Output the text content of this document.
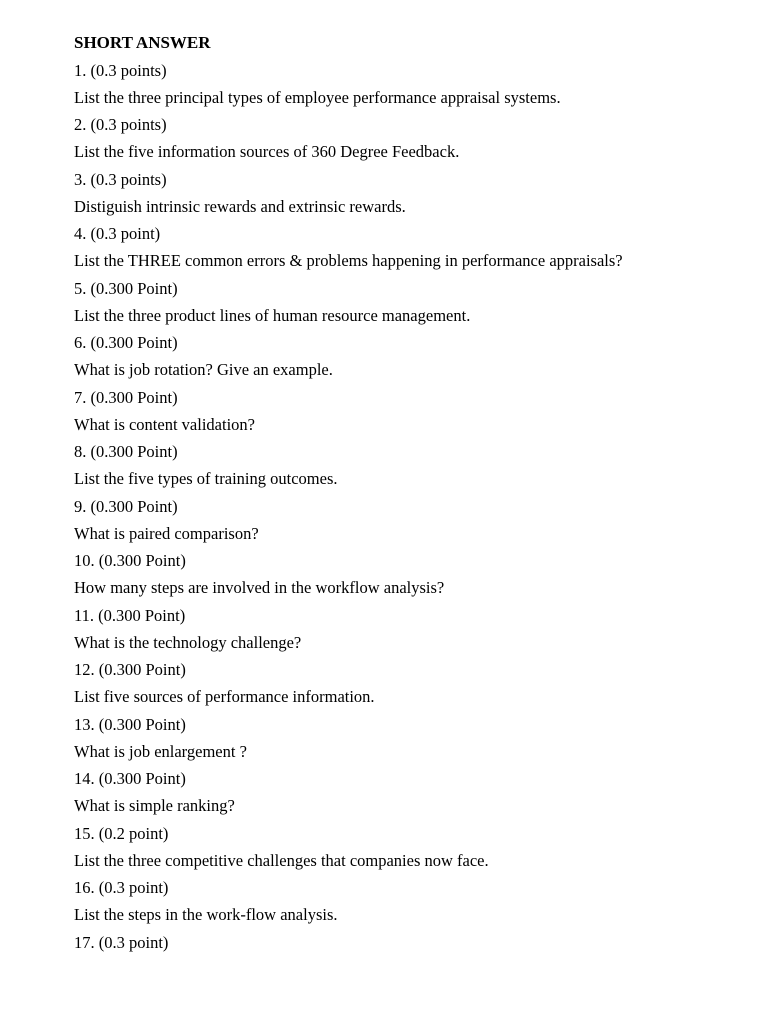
SHORT ANSWER
1. (0.3 points)
List the three principal types of employee performance appraisal systems.
2. (0.3 points)
List the five information sources of 360 Degree Feedback.
3. (0.3 points)
Distiguish intrinsic rewards and extrinsic rewards.
4. (0.3 point)
List the THREE common errors & problems happening in performance appraisals?
5. (0.300 Point)
List the three product lines of human resource management.
6. (0.300 Point)
What is job rotation? Give an example.
7. (0.300 Point)
What is content validation?
8. (0.300 Point)
List the five types of training outcomes.
9. (0.300 Point)
What is paired comparison?
10. (0.300 Point)
How many steps are involved in the workflow analysis?
11. (0.300 Point)
What is the technology challenge?
12. (0.300 Point)
List five sources of performance information.
13. (0.300 Point)
What is job enlargement ?
14. (0.300 Point)
What is simple ranking?
15. (0.2 point)
List the three competitive challenges that companies now face.
16. (0.3 point)
List the steps in the work-flow analysis.
17. (0.3 point)
